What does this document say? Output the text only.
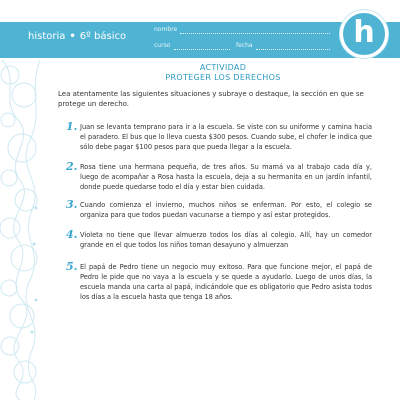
historia • 6º básico
nombre
curso	fecha	h
ACTIVIDAD
PROTEGER LOS DERECHOS
Lea atentamente las siguientes situaciones y subraye o destaque, la sección en que se protege un derecho.
1. Juan se levanta temprano para ir a la escuela. Se viste con su uniforme y camina hacia el paradero. El bus que lo lleva cuesta $300 pesos. Cuando sube, el chofer le indica que sólo debe pagar $100 pesos para que pueda llegar a la escuela.
2. Rosa tiene una hermana pequeña, de tres años. Su mamá va al trabajo cada día y, luego de acompañar a Rosa hasta la escuela, deja a su hermanita en un jardín infantil, donde puede quedarse todo el día y estar bien cuidada.
3. Cuando comienza el invierno, muchos niños se enferman. Por esto, el colegio se organiza para que todos puedan vacunarse a tiempo y así estar protegidos.
4. Violeta no tiene que llevar almuerzo todos los días al colegio. Allí, hay un comedor grande en el que todos los niños toman desayuno y almuerzan
5. El papá de Pedro tiene un negocio muy exitoso. Para que funcione mejor, el papá de Pedro le pide que no vaya a la escuela y se quede a ayudarlo. Luego de unos días, la escuela manda una carta al papá, indicándole que es obligatorio que Pedro asista todos los días a la escuela hasta que tenga 18 años.
